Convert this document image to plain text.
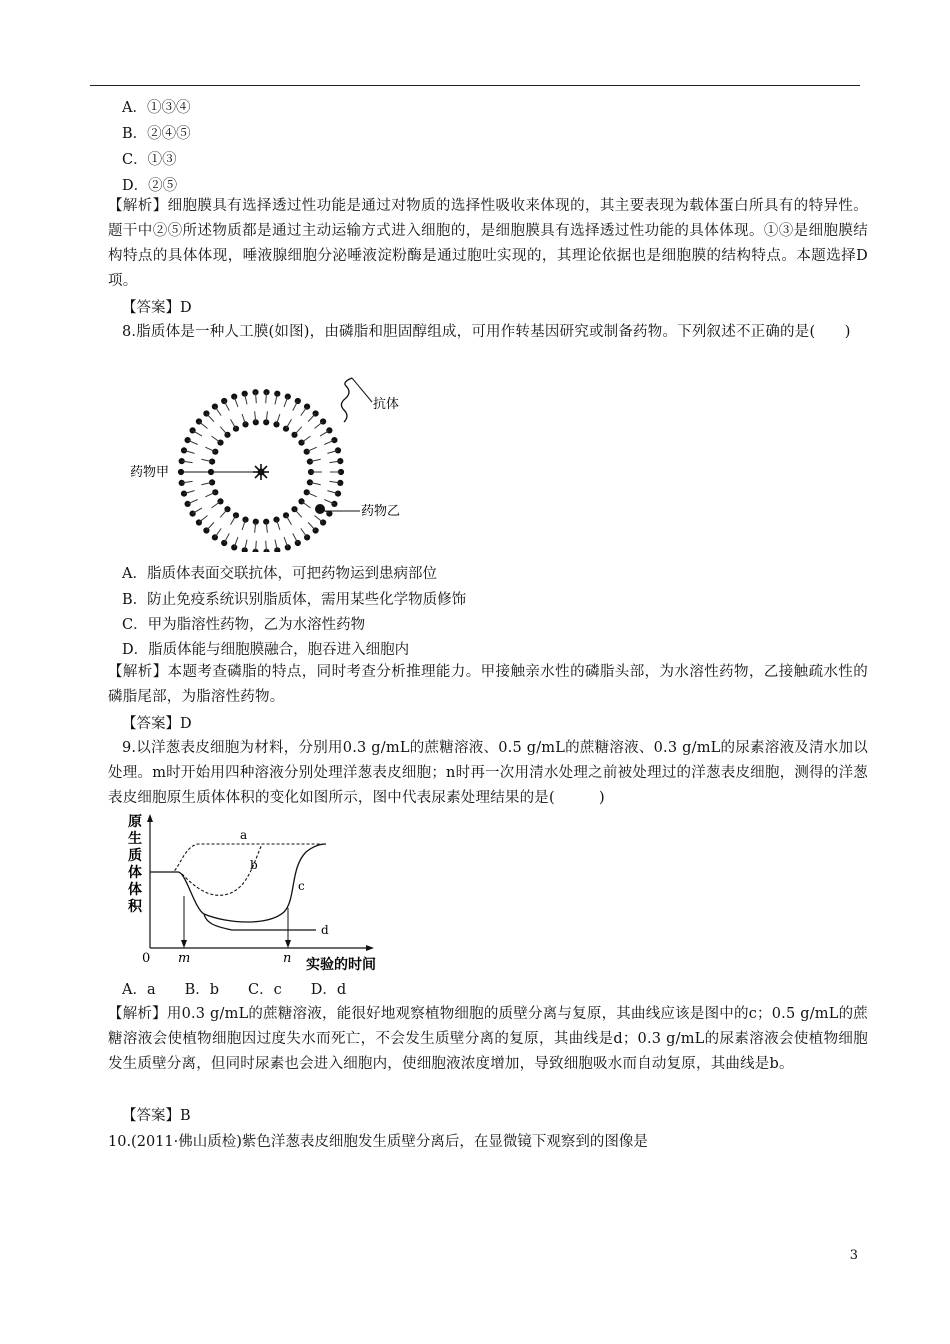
A．①③④
B．②④⑤
C．①③
D．②⑤
【解析】细胞膜具有选择透过性功能是通过对物质的选择性吸收来体现的，其主要表现为载体蛋白所具有的特异性。题干中②⑤所述物质都是通过主动运输方式进入细胞的，是细胞膜具有选择透过性功能的具体体现。①③是细胞膜结构特点的具体体现，唾液腺细胞分泌唾液淀粉酶是通过胞吐实现的，其理论依据也是细胞膜的结构特点。本题选择D项。
【答案】D
8.脂质体是一种人工膜(如图)，由磷脂和胆固醇组成，可用作转基因研究或制备药物。下列叙述不正确的是(　　)
药物甲
药物乙
抗体
A．脂质体表面交联抗体，可把药物运到患病部位
B．防止免疫系统识别脂质体，需用某些化学物质修饰
C．甲为脂溶性药物，乙为水溶性药物
D．脂质体能与细胞膜融合，胞吞进入细胞内
【解析】本题考查磷脂的特点，同时考查分析推理能力。甲接触亲水性的磷脂头部，为水溶性药物，乙接触疏水性的磷脂尾部，为脂溶性药物。
【答案】D
9.以洋葱表皮细胞为材料，分别用0.3 g/mL的蔗糖溶液、0.5 g/mL的蔗糖溶液、0.3 g/mL的尿素溶液及清水加以处理。m时开始用四种溶液分别处理洋葱表皮细胞；n时再一次用清水处理之前被处理过的洋葱表皮细胞，测得的洋葱表皮细胞原生质体体积的变化如图所示，图中代表尿素处理结果的是(　　　)
原生质体体积
0 m	n 实验的时间
a
b
c
d
A．a　　B．b　　C．c　　D．d
【解析】用0.3 g/mL的蔗糖溶液，能很好地观察植物细胞的质壁分离与复原，其曲线应该是图中的c；0.5 g/mL的蔗糖溶液会使植物细胞因过度失水而死亡，不会发生质壁分离的复原，其曲线是d；0.3 g/mL的尿素溶液会使植物细胞发生质壁分离，但同时尿素也会进入细胞内，使细胞液浓度增加，导致细胞吸水而自动复原，其曲线是b。
【答案】B
10.(2011·佛山质检)紫色洋葱表皮细胞发生质壁分离后，在显微镜下观察到的图像是
3
